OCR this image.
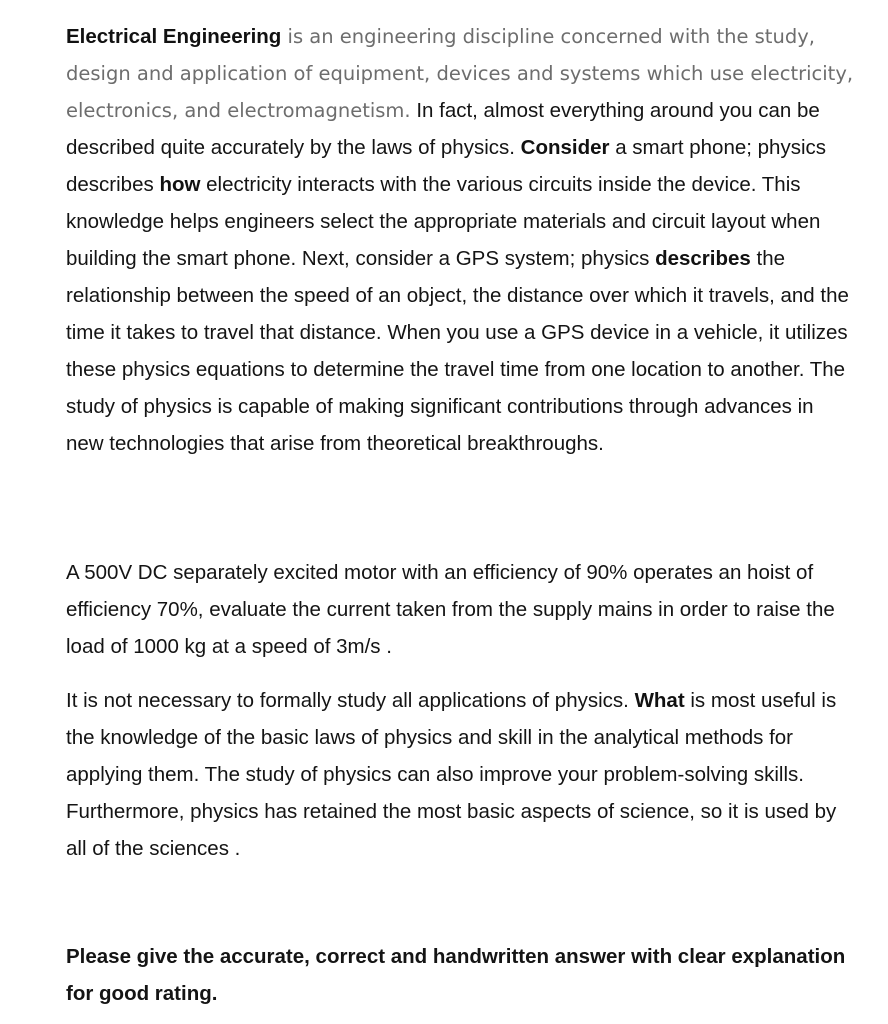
Electrical Engineering is an engineering discipline concerned with the study, design and application of equipment, devices and systems which use electricity, electronics, and electromagnetism. In fact, almost everything around you can be described quite accurately by the laws of physics. Consider a smart phone; physics describes how electricity interacts with the various circuits inside the device. This knowledge helps engineers select the appropriate materials and circuit layout when building the smart phone. Next, consider a GPS system; physics describes the relationship between the speed of an object, the distance over which it travels, and the time it takes to travel that distance. When you use a GPS device in a vehicle, it utilizes these physics equations to determine the travel time from one location to another. The study of physics is capable of making significant contributions through advances in new technologies that arise from theoretical breakthroughs.

A 500V DC separately excited motor with an efficiency of 90% operates an hoist of efficiency 70%, evaluate the current taken from the supply mains in order to raise the load of 1000 kg at a speed of 3m/s .

It is not necessary to formally study all applications of physics. What is most useful is the knowledge of the basic laws of physics and skill in the analytical methods for applying them. The study of physics can also improve your problem-solving skills. Furthermore, physics has retained the most basic aspects of science, so it is used by all of the sciences .

Please give the accurate, correct and handwritten answer with clear explanation for good rating.
